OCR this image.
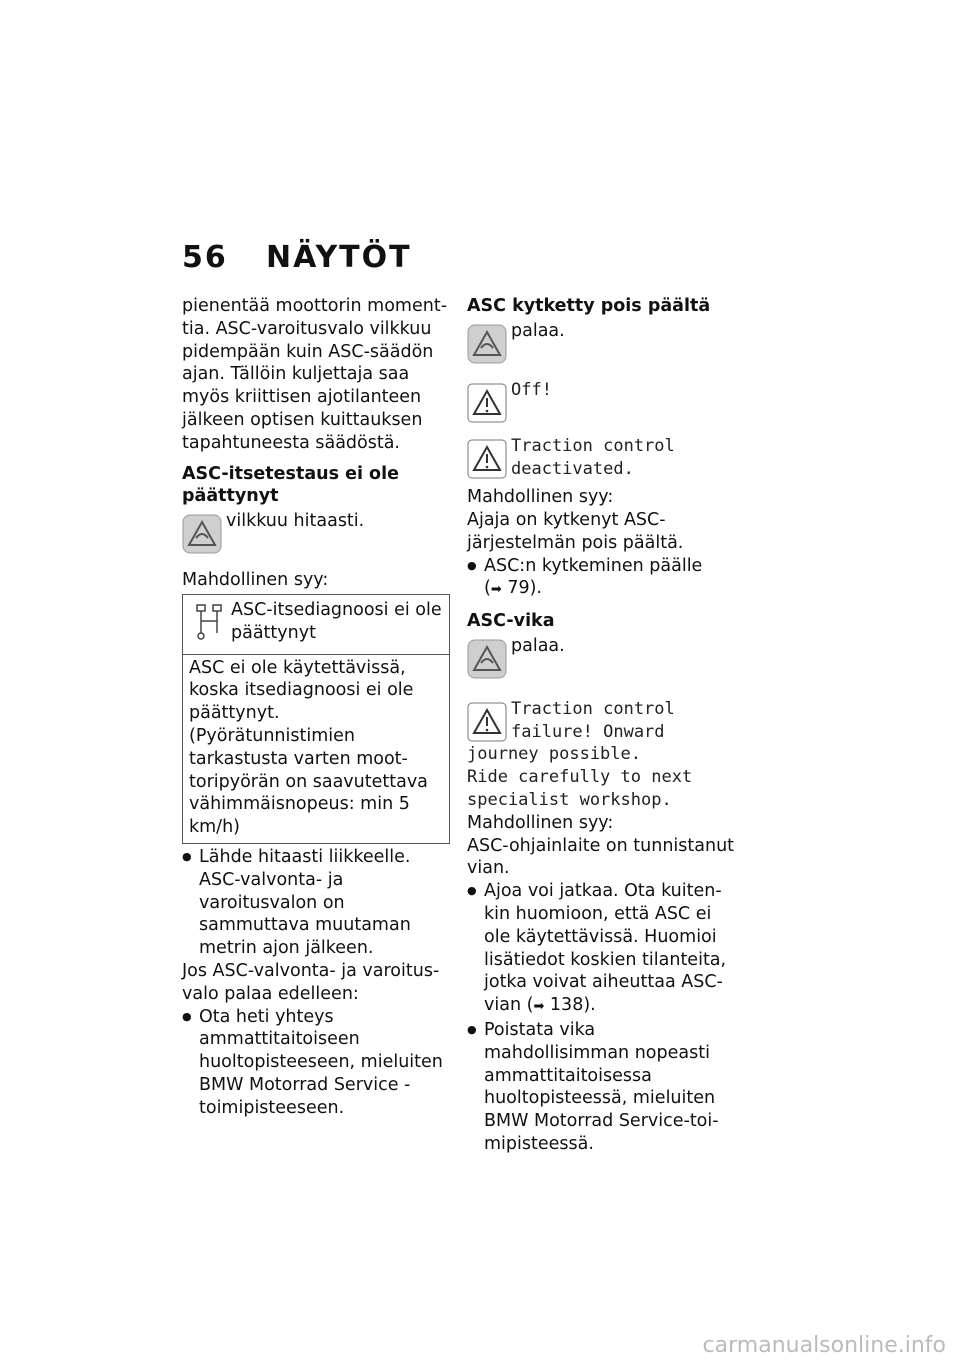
56 NÄYTÖT

pienentää moottorin momenttia. ASC-varoitusvalo vilkkuu pidempään kuin ASC-säädön ajan. Tällöin kuljettaja saa myös kriittisen ajotilanteen jälkeen optisen kuittauksen tapahtuneesta säädöstä.

ASC-itsetestaus ei ole päättynyt

vilkkuu hitaasti.

Mahdollinen syy:

ASC-itsediagnoosi ei ole päättynyt
ASC ei ole käytettävissä, koska itsediagnoosi ei ole päättynyt. (Pyörätunnistimien tarkastusta varten moottoripyörän on saavutettava vähimmäisnopeus: min 5 km/h)

● Lähde hitaasti liikkeelle. ASC-valvonta- ja varoitusvalon on sammuttava muutaman metrin ajon jälkeen.

Jos ASC-valvonta- ja varoitusvalo palaa edelleen:

● Ota heti yhteys ammattitaitoiseen huoltopisteeseen, mieluiten BMW Motorrad Service -toimipisteeseen.

ASC kytketty pois päältä

palaa.
Off!
Traction control
deactivated.

Mahdollinen syy:

Ajaja on kytkenyt ASC-järjestelmän pois päältä.

● ASC:n kytkeminen päälle
(➡ 79).

ASC-vika

palaa.
Traction control
failure! Onward
journey possible.
Ride carefully to next
specialist workshop.

Mahdollinen syy:

ASC-ohjainlaite on tunnistanut vian.

● Ajoa voi jatkaa. Ota kuitenkin huomioon, että ASC ei ole käytettävissä. Huomioi lisätiedot koskien tilanteita, jotka voivat aiheuttaa ASC-vian (➡ 138).

● Poistata vika mahdollisimman nopeasti ammattitaitoisessa huoltopisteessä, mieluiten BMW Motorrad Service-toimipisteessä.

carmanualsonline.info
